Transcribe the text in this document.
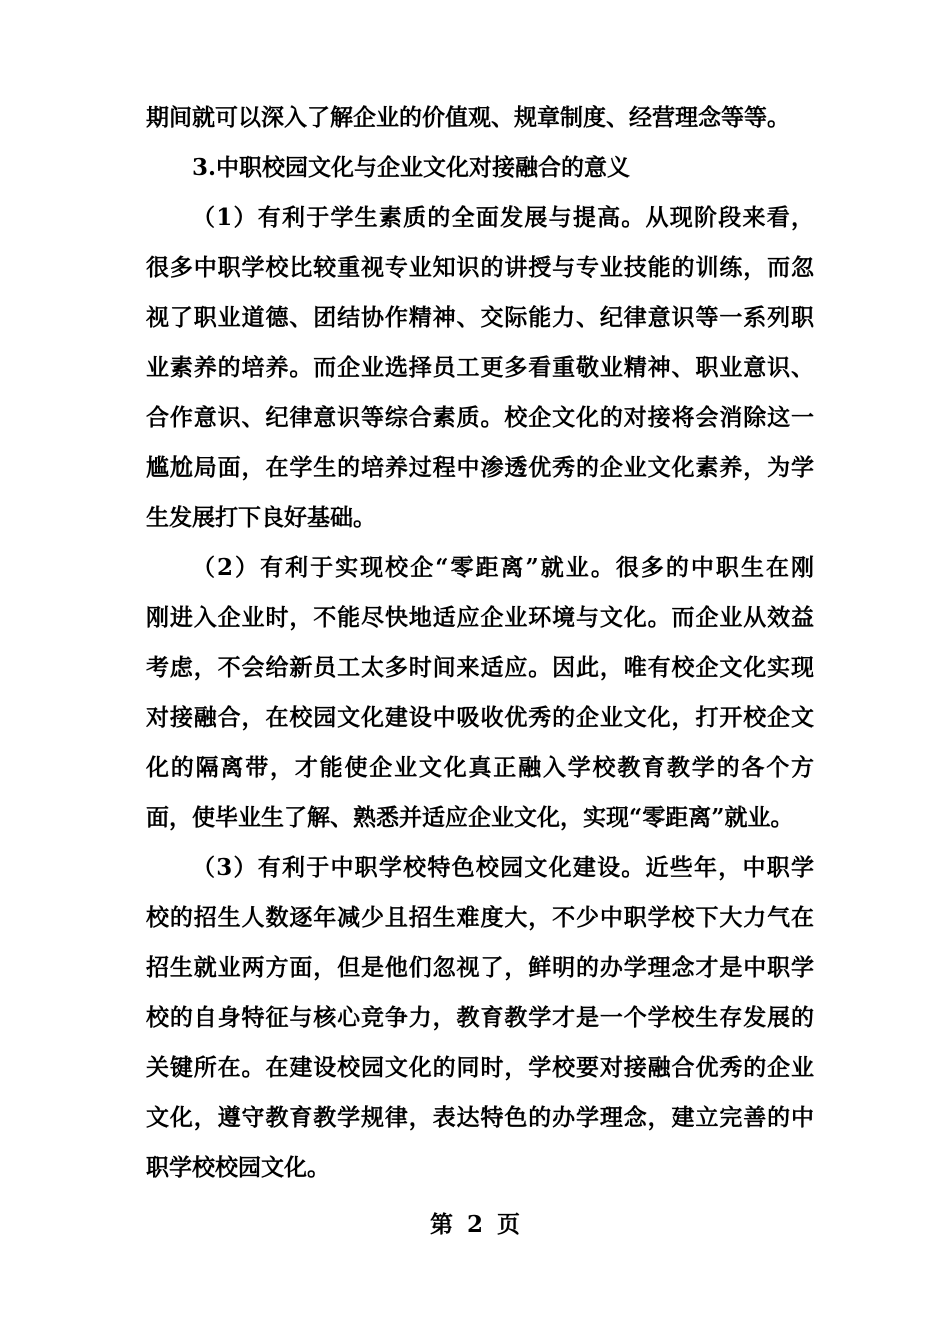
期间就可以深入了解企业的价值观、规章制度、经营理念等等。
3.中职校园文化与企业文化对接融合的意义
（1）有利于学生素质的全面发展与提高。从现阶段来看，
很多中职学校比较重视专业知识的讲授与专业技能的训练，而忽
视了职业道德、团结协作精神、交际能力、纪律意识等一系列职
业素养的培养。而企业选择员工更多看重敬业精神、职业意识、
合作意识、纪律意识等综合素质。校企文化的对接将会消除这一
尴尬局面，在学生的培养过程中渗透优秀的企业文化素养，为学
生发展打下良好基础。
（2）有利于实现校企“零距离”就业。很多的中职生在刚
刚进入企业时，不能尽快地适应企业环境与文化。而企业从效益
考虑，不会给新员工太多时间来适应。因此，唯有校企文化实现
对接融合，在校园文化建设中吸收优秀的企业文化，打开校企文
化的隔离带，才能使企业文化真正融入学校教育教学的各个方
面，使毕业生了解、熟悉并适应企业文化，实现“零距离”就业。
（3）有利于中职学校特色校园文化建设。近些年，中职学
校的招生人数逐年减少且招生难度大，不少中职学校下大力气在
招生就业两方面，但是他们忽视了，鲜明的办学理念才是中职学
校的自身特征与核心竞争力，教育教学才是一个学校生存发展的
关键所在。在建设校园文化的同时，学校要对接融合优秀的企业
文化，遵守教育教学规律，表达特色的办学理念，建立完善的中
职学校校园文化。
第 2 页
